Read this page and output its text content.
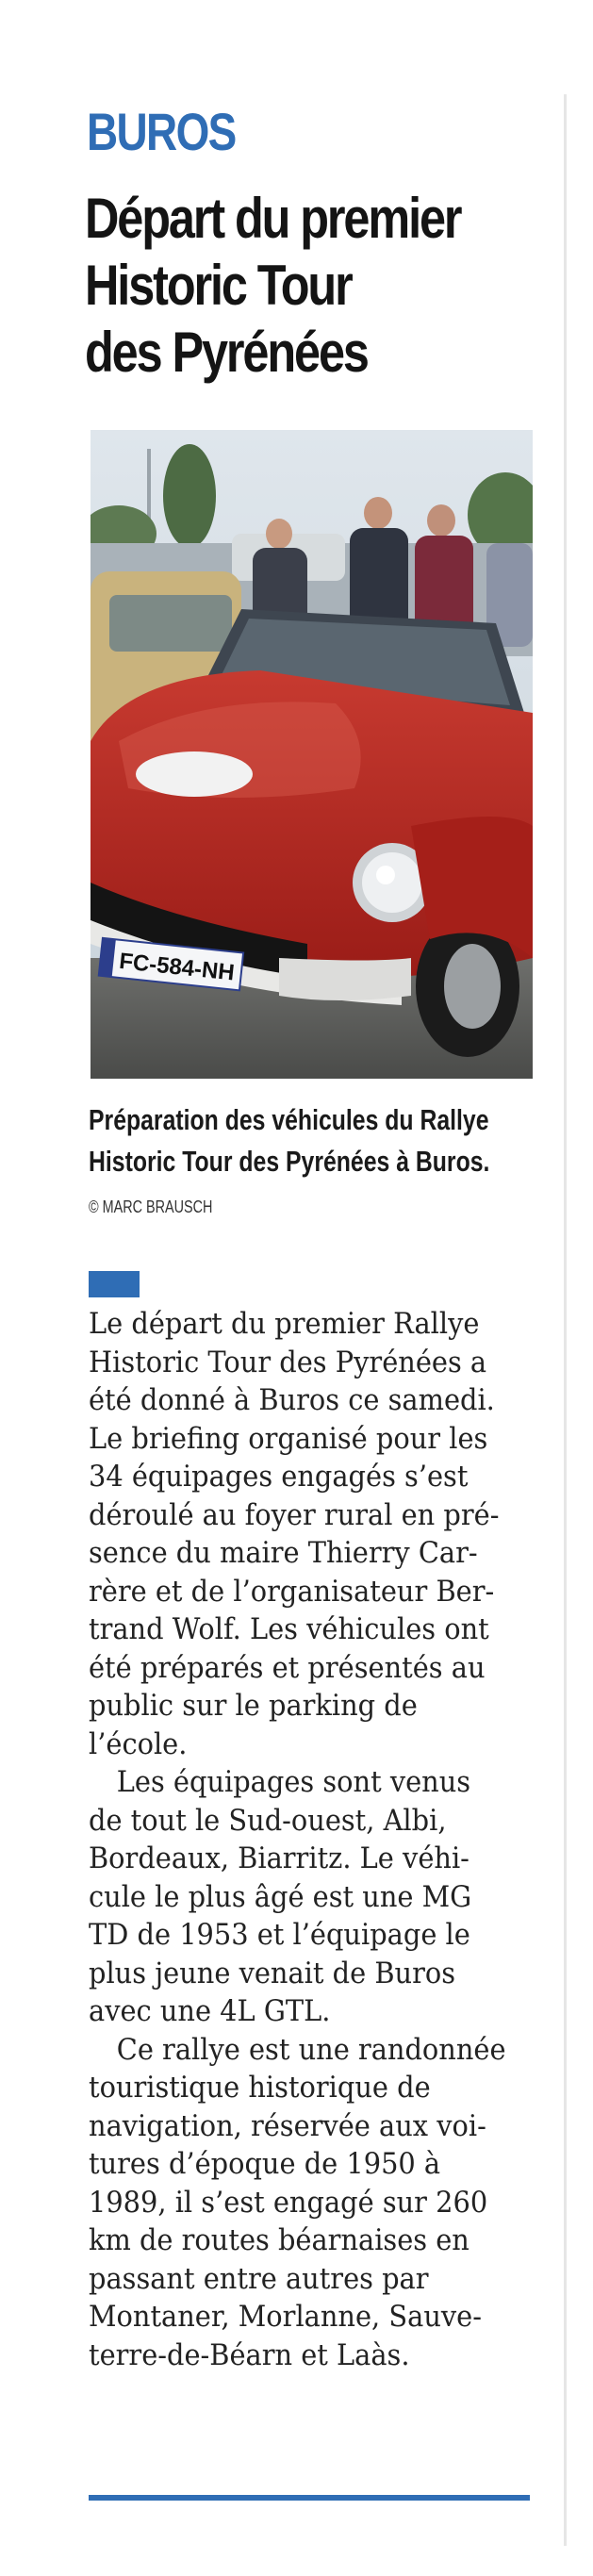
BUROS
Départ du premier
Historic Tour
des Pyrénées
FC-584-NH
Préparation des véhicules du Rallye
Historic Tour des Pyrénées à Buros.
© MARC BRAUSCH
Le départ du premier Rallye
Historic Tour des Pyrénées a
été donné à Buros ce samedi.
Le briefing organisé pour les
34 équipages engagés s’est
déroulé au foyer rural en pré-
sence du maire Thierry Car-
rère et de l’organisateur Ber-
trand Wolf. Les véhicules ont
été préparés et présentés au
public sur le parking de
l’école.
Les équipages sont venus
de tout le Sud-ouest, Albi,
Bordeaux, Biarritz. Le véhi-
cule le plus âgé est une MG
TD de 1953 et l’équipage le
plus jeune venait de Buros
avec une 4L GTL.
Ce rallye est une randonnée
touristique historique de
navigation, réservée aux voi-
tures d’époque de 1950 à
1989, il s’est engagé sur 260
km de routes béarnaises en
passant entre autres par
Montaner, Morlanne, Sauve-
terre-de-Béarn et Laàs.
